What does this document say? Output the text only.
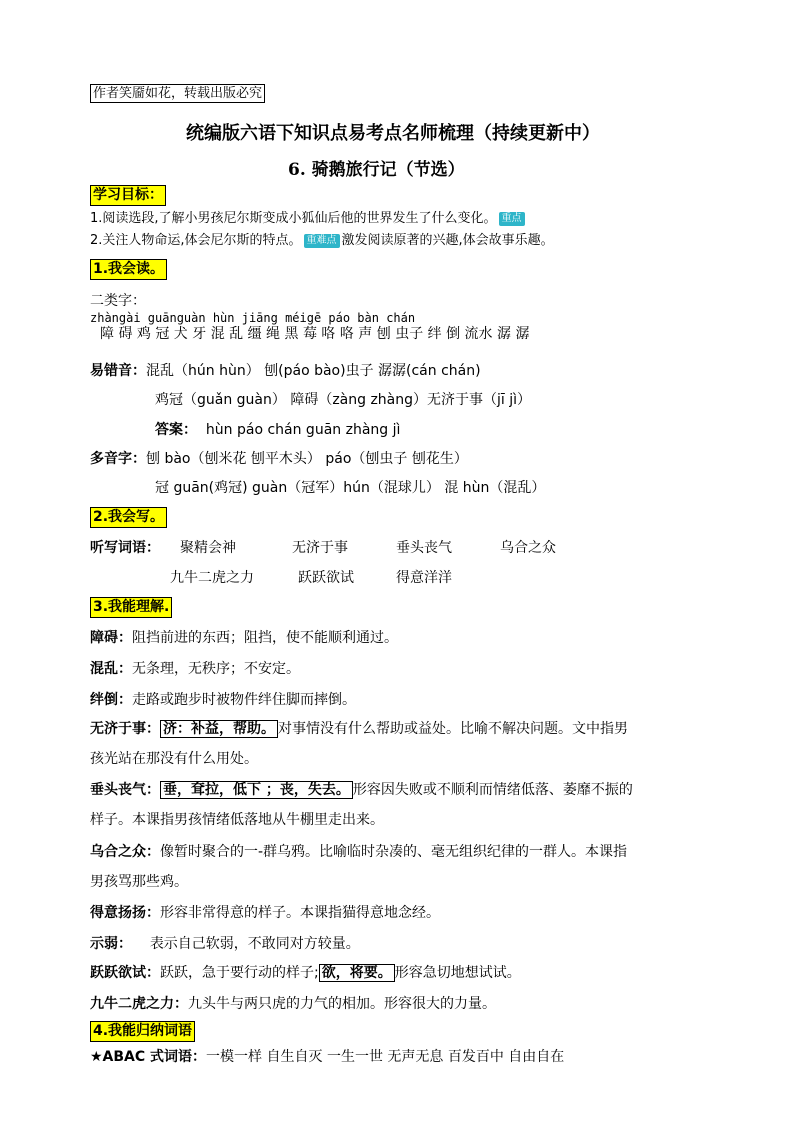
作者笑靥如花，转载出版必究
统编版六语下知识点易考点名师梳理（持续更新中）
6. 骑鹅旅行记（节选）
学习目标：
1.阅读选段,了解小男孩尼尔斯变成小狐仙后他的世界发生了什么变化。 重点
2.关注人物命运,体会尼尔斯的特点。 重难点 激发阅读原著的兴趣,体会故事乐趣。
1.我会读。
二类字：
zhàngài guānguàn hùn jiāng méigē páo bàn chán
障 碍 鸡 冠 犬 牙 混 乱 缰 绳 黑 莓 咯 咯 声 刨 虫子 绊 倒 流水 潺 潺
易错音：混乱（hún hùn） 刨(páo bào)虫子 潺潺(cán chán)
鸡冠（guǎn guàn） 障碍（zàng zhàng）无济于事（jī jì）
答案： hùn páo chán guān zhàng jì
多音字：刨 bào（刨米花 刨平木头） páo（刨虫子 刨花生）
冠 guān(鸡冠) guàn（冠军）hún（混球儿） 混 hùn（混乱）
2.我会写。
听写词语： 聚精会神	无济于事	垂头丧气	乌合之众
九牛二虎之力	跃跃欲试	得意洋洋
3.我能理解.
障碍：阻挡前进的东西；阻挡，使不能顺利通过。
混乱：无条理，无秩序；不安定。
绊倒：走路或跑步时被物件绊住脚而摔倒。
无济于事： 济：补益，帮助。 对事情没有什么帮助或益处。比喻不解决问题。文中指男
孩光站在那没有什么用处。
垂头丧气： 垂，耷拉，低下 ；丧，失去。 形容因失败或不顺利而情绪低落、萎靡不振的
样子。本课指男孩情绪低落地从牛棚里走出来。
乌合之众：像暂时聚合的一-群乌鸦。比喻临时杂凑的、毫无组织纪律的一群人。本课指
男孩骂那些鸡。
得意扬扬：形容非常得意的样子。本课指猫得意地念经。
示弱： 表示自己软弱，不敢同对方较量。
跃跃欲试：跃跃，急于要行动的样子; 欲，将要。 形容急切地想试试。
九牛二虎之力：九头牛与两只虎的力气的相加。形容很大的力量。
4.我能归纳词语
★ABAC 式词语：一模一样 自生自灭 一生一世 无声无息 百发百中 自由自在
